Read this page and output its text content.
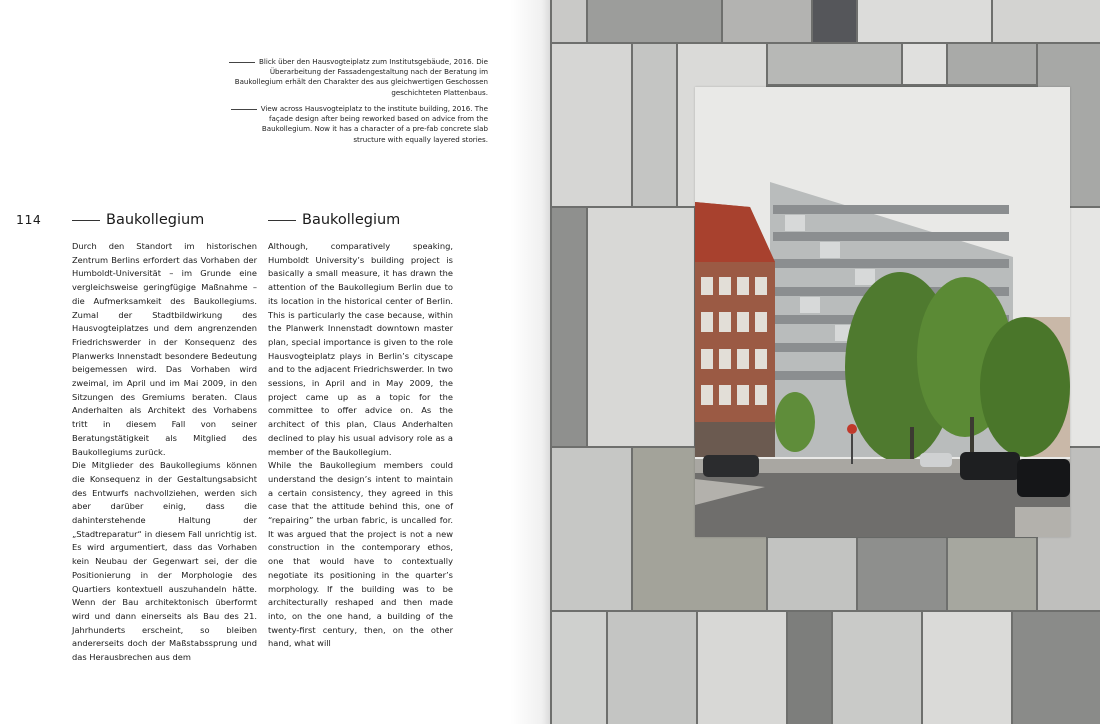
Blick über den Hausvogteiplatz zum Institutsgebäude, 2016. Die Überarbeitung der Fassadengestaltung nach der Beratung im Baukollegium erhält den Charakter des aus gleichwertigen Geschossen geschichteten Plattenbaus.
View across Hausvogteiplatz to the institute building, 2016. The façade design after being reworked based on advice from the Baukollegium. Now it has a character of a pre-fab concrete slab structure with equally layered stories.
114	Baukollegium	Baukollegium

Durch den Standort im historischen Zentrum Berlins erfordert das Vorhaben der Humboldt-Universität – im Grunde eine vergleichsweise geringfügige Maßnahme – die Aufmerksamkeit des Baukollegiums. Zumal der Stadtbildwirkung des Hausvogteiplatzes und dem angrenzenden Friedrichswerder in der Konsequenz des Planwerks Innenstadt besondere Bedeutung beigemessen wird. Das Vorhaben wird zweimal, im April und im Mai 2009, in den Sitzungen des Gremiums beraten. Claus Anderhalten als Architekt des Vorhabens tritt in diesem Fall von seiner Beratungstätigkeit als Mitglied des Baukollegiums zurück.

Die Mitglieder des Baukollegiums können die Konsequenz in der Gestaltungsabsicht des Entwurfs nachvollziehen, werden sich aber darüber einig, dass die dahinterstehende Haltung der „Stadtreparatur“ in diesem Fall unrichtig ist. Es wird argumentiert, dass das Vorhaben kein Neubau der Gegenwart sei, der die Positionierung in der Morphologie des Quartiers kontextuell auszuhandeln hätte. Wenn der Bau architektonisch überformt wird und dann einerseits als Bau des 21. Jahrhunderts erscheint, so bleiben andererseits doch der Maßstabssprung und das Herausbrechen aus dem

Although, comparatively speaking, Humboldt University’s building project is basically a small measure, it has drawn the attention of the Baukollegium Berlin due to its location in the historical center of Berlin. This is particularly the case because, within the Planwerk Innenstadt downtown master plan, special importance is given to the role Hausvogteiplatz plays in Berlin’s cityscape and to the adjacent Friedrichswerder. In two sessions, in April and in May 2009, the project came up as a topic for the committee to offer advice on. As the architect of this plan, Claus Anderhalten declined to play his usual advisory role as a member of the Baukollegium.

While the Baukollegium members could understand the design’s intent to maintain a certain consistency, they agreed in this case that the attitude behind this, one of “repairing” the urban fabric, is uncalled for. It was argued that the project is not a new construction in the contemporary ethos, one that would have to contextually negotiate its positioning in the quarter’s morphology. If the building was to be architecturally reshaped and then made into, on the one hand, a building of the twenty-first century, then, on the other hand, what will
